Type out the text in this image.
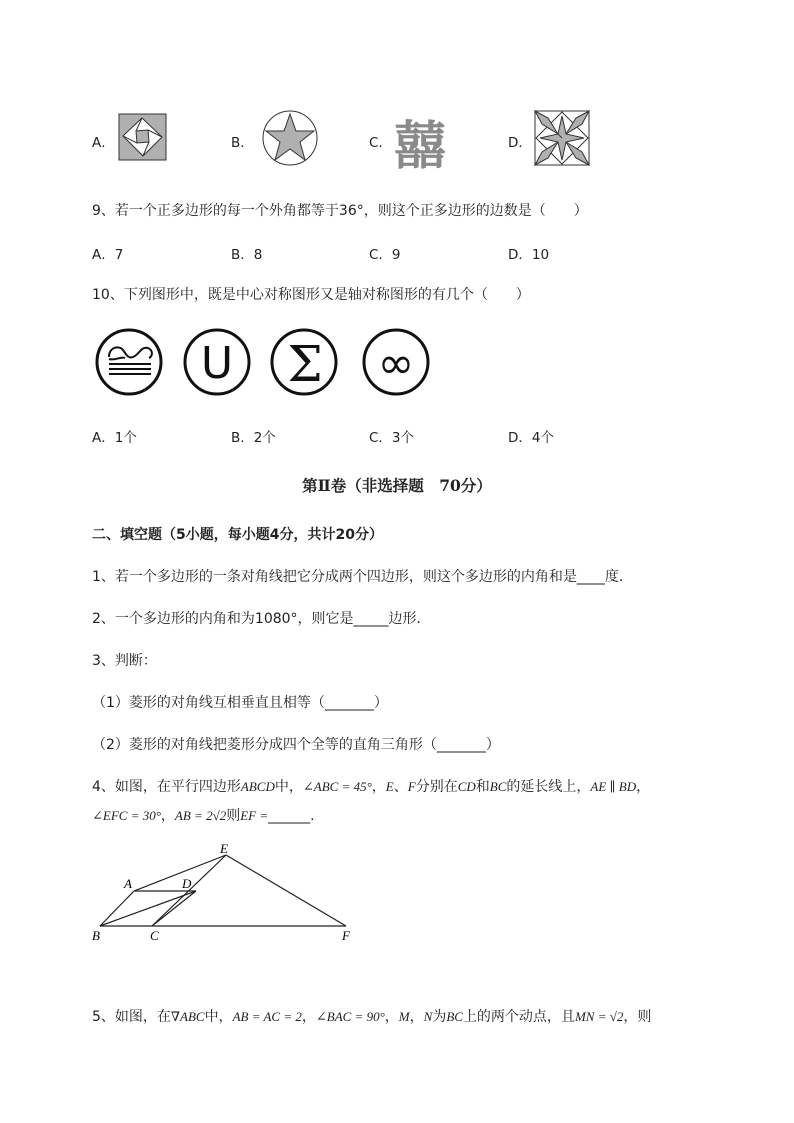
A．	B．	C． 囍	D．
9、若一个正多边形的每一个外角都等于36°，则这个正多边形的边数是（　　）
A．7	B．8	C．9	D．10
10、下列图形中，既是中心对称图形又是轴对称图形的有几个（　　）
U Σ ∞
A．1个	B．2个	C．3个	D．4个
第Ⅱ卷（非选择题　70分）
二、填空题（5小题，每小题4分，共计20分）
1、若一个多边形的一条对角线把它分成两个四边形，则这个多边形的内角和是____度．
2、一个多边形的内角和为1080°，则它是_____边形．
3、判断：
（1）菱形的对角线互相垂直且相等（_______）
（2）菱形的对角线把菱形分成四个全等的直角三角形（_______）
4、如图，在平行四边形ABCD中，∠ABC = 45°，E、F分别在CD和BC的延长线上，AE ∥ BD，
∠EFC = 30°，AB = 2√2则EF =______.
A
B	C
D
E
F
5、如图，在∇ABC中，AB = AC = 2，∠BAC = 90°，M，N为BC上的两个动点，且MN = √2，则
